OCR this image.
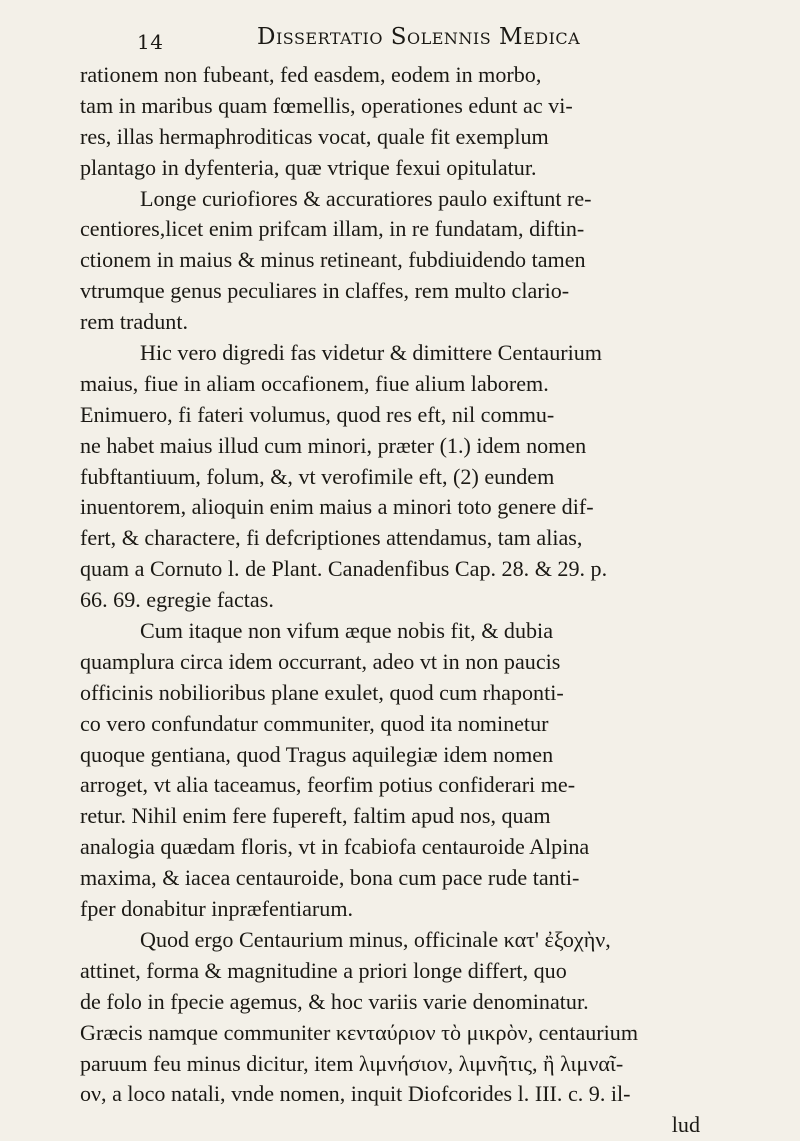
14	Dissertatio Solennis Medica
rationem non fubeant, fed easdem, eodem in morbo,
tam in maribus quam fœmellis, operationes edunt ac vi-
res, illas hermaphroditicas vocat, quale fit exemplum
plantago in dyfenteria, quæ vtrique fexui opitulatur.
Longe curiofiores & accuratiores paulo exiftunt re-
centiores,licet enim prifcam illam, in re fundatam, diftin-
ctionem in maius & minus retineant, fubdiuidendo tamen
vtrumque genus peculiares in claffes, rem multo clario-
rem tradunt.
Hic vero digredi fas videtur & dimittere Centaurium
maius, fiue in aliam occafionem, fiue alium laborem.
Enimuero, fi fateri volumus, quod res eft, nil commu-
ne habet maius illud cum minori, præter (1.) idem nomen
fubftantiuum, folum, &, vt verofimile eft, (2) eundem
inuentorem, alioquin enim maius a minori toto genere dif-
fert, & charactere, fi defcriptiones attendamus, tam alias,
quam a Cornuto l. de Plant. Canadenfibus Cap. 28. & 29. p.
66. 69. egregie factas.
Cum itaque non vifum æque nobis fit, & dubia
quamplura circa idem occurrant, adeo vt in non paucis
officinis nobilioribus plane exulet, quod cum rhaponti-
co vero confundatur communiter, quod ita nominetur
quoque gentiana, quod Tragus aquilegiæ idem nomen
arroget, vt alia taceamus, feorfim potius confiderari me-
retur. Nihil enim fere fupereft, faltim apud nos, quam
analogia quædam floris, vt in fcabiofa centauroide Alpina
maxima, & iacea centauroide, bona cum pace rude tanti-
fper donabitur inpræfentiarum.
Quod ergo Centaurium minus, officinale κατ' ἐξοχὴν,
attinet, forma & magnitudine a priori longe differt, quo
de folo in fpecie agemus, & hoc variis varie denominatur.
Græcis namque communiter κενταύριον τὸ μικρὸν, centaurium
paruum feu minus dicitur, item λιμνήσιον, λιμνῆτις, ἢ λιμναῖ-
ον, a loco natali, vnde nomen, inquit Diofcorides l. III. c. 9. il-
lud
